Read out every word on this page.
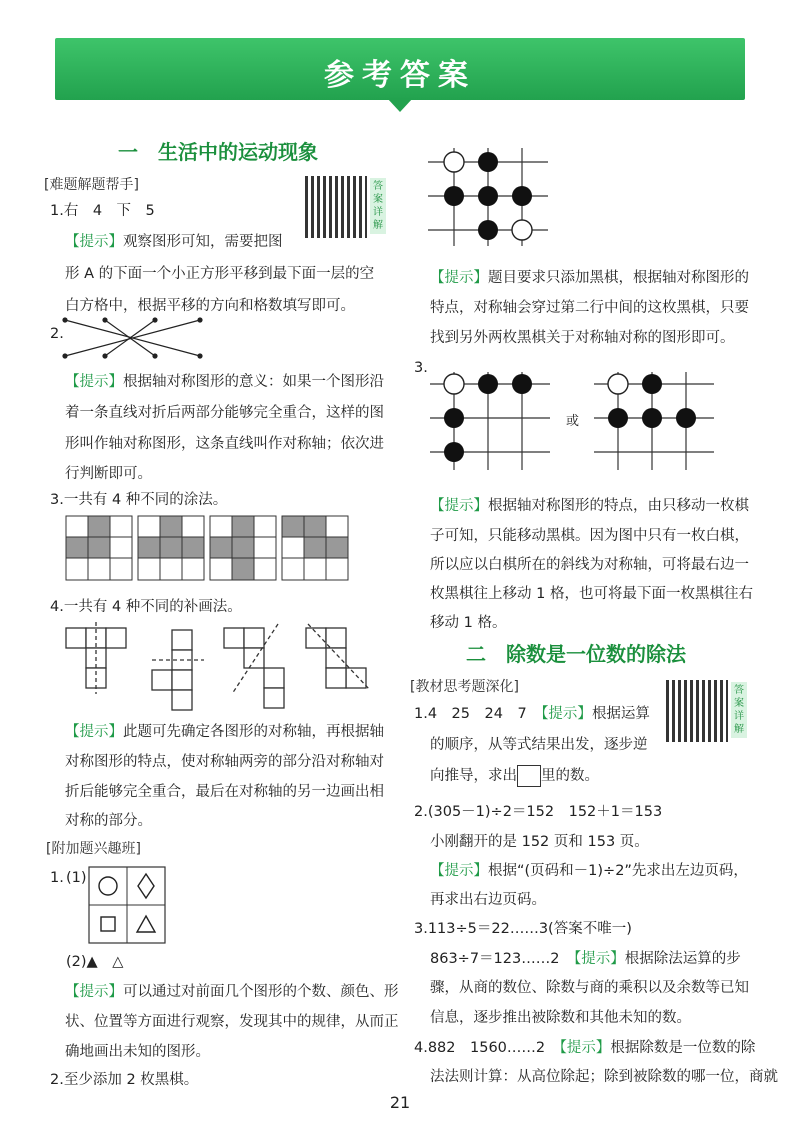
参考答案
一　生活中的运动现象
[难题解题帮手]	答案详解
1.右　4　下　5
【提示】观察图形可知，需要把图
形 A 的下面一个小正方形平移到最下面一层的空
白方格中，根据平移的方向和格数填写即可。
2.
【提示】根据轴对称图形的意义：如果一个图形沿
着一条直线对折后两部分能够完全重合，这样的图
形叫作轴对称图形，这条直线叫作对称轴；依次进
行判断即可。
3.一共有 4 种不同的涂法。
4.一共有 4 种不同的补画法。
【提示】此题可先确定各图形的对称轴，再根据轴
对称图形的特点，使对称轴两旁的部分沿对称轴对
折后能够完全重合，最后在对称轴的另一边画出相
对称的部分。
[附加题兴趣班]
1. (1)
(2)▲　△
【提示】可以通过对前面几个图形的个数、颜色、形
状、位置等方面进行观察，发现其中的规律，从而正
确地画出未知的图形。
2.至少添加 2 枚黑棋。
【提示】题目要求只添加黑棋，根据轴对称图形的
特点，对称轴会穿过第二行中间的这枚黑棋，只要
找到另外两枚黑棋关于对称轴对称的图形即可。
3.
或
【提示】根据轴对称图形的特点，由只移动一枚棋
子可知，只能移动黑棋。因为图中只有一枚白棋，
所以应以白棋所在的斜线为对称轴，可将最右边一
枚黑棋往上移动 1 格，也可将最下面一枚黑棋往右
移动 1 格。
二　除数是一位数的除法
[教材思考题深化]	答案详解
1.4　25　24　7　 【提示】根据运算
的顺序，从等式结果出发，逐步逆
向推导，求出 里的数。
2.(305－1)÷2＝152　152＋1＝153
小刚翻开的是 152 页和 153 页。
【提示】根据“(页码和－1)÷2”先求出左边页码，
再求出右边页码。
3.113÷5＝22……3(答案不唯一)
863÷7＝123……2　 【提示】根据除法运算的步
骤，从商的数位、除数与商的乘积以及余数等已知
信息，逐步推出被除数和其他未知的数。
4.882　1560……2　 【提示】根据除数是一位数的除
法法则计算：从高位除起；除到被除数的哪一位，商就
21
